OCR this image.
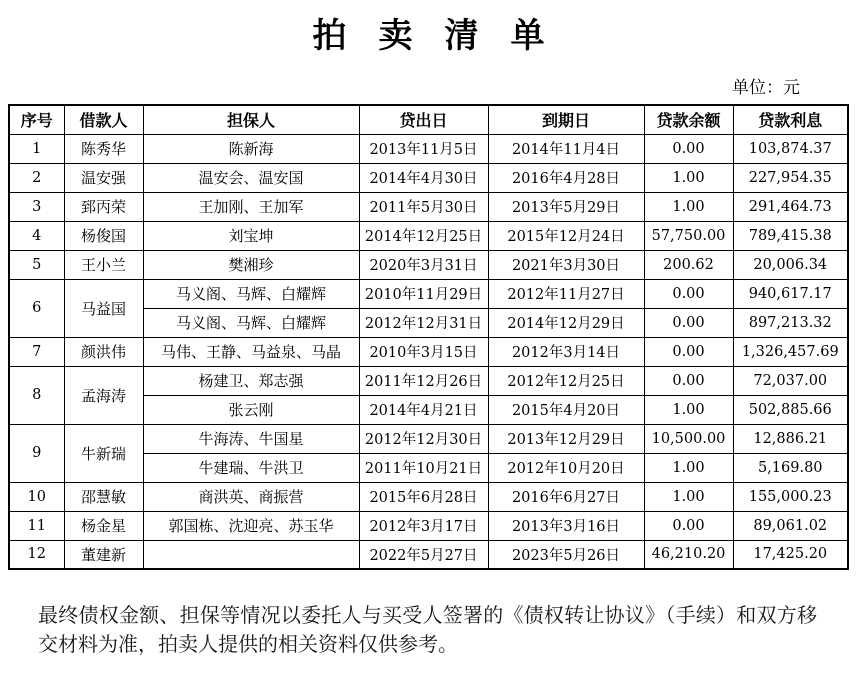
拍卖清单
单位：元
序号	借款人	担保人	贷出日	到期日	贷款余额	贷款利息
1	陈秀华	陈新海	2013年11月5日	2014年11月4日	0.00	103,874.37
2	温安强	温安会、温安国	2014年4月30日	2016年4月28日	1.00	227,954.35
3	郅丙荣	王加刚、王加军	2011年5月30日	2013年5月29日	1.00	291,464.73
4	杨俊国	刘宝坤	2014年12月25日	2015年12月24日	57,750.00	789,415.38
5	王小兰	樊湘珍	2020年3月31日	2021年3月30日	200.62	20,006.34
6	马益国	马义阁、马辉、白耀辉	2010年11月29日	2012年11月27日	0.00	940,617.17
		马义阁、马辉、白耀辉	2012年12月31日	2014年12月29日	0.00	897,213.32
7	颜洪伟	马伟、王静、马益泉、马晶	2010年3月15日	2012年3月14日	0.00	1,326,457.69
8	孟海涛	杨建卫、郑志强	2011年12月26日	2012年12月25日	0.00	72,037.00
		张云刚	2014年4月21日	2015年4月20日	1.00	502,885.66
9	牛新瑞	牛海涛、牛国星	2012年12月30日	2013年12月29日	10,500.00	12,886.21
		牛建瑞、牛洪卫	2011年10月21日	2012年10月20日	1.00	5,169.80
10	邵慧敏	商洪英、商振营	2015年6月28日	2016年6月27日	1.00	155,000.23
11	杨金星	郭国栋、沈迎亮、苏玉华	2012年3月17日	2013年3月16日	0.00	89,061.02
12	董建新		2022年5月27日	2023年5月26日	46,210.20	17,425.20

最终债权金额、担保等情况以委托人与买受人签署的《债权转让协议》（手续）和双方移交材料为准，拍卖人提供的相关资料仅供参考。
